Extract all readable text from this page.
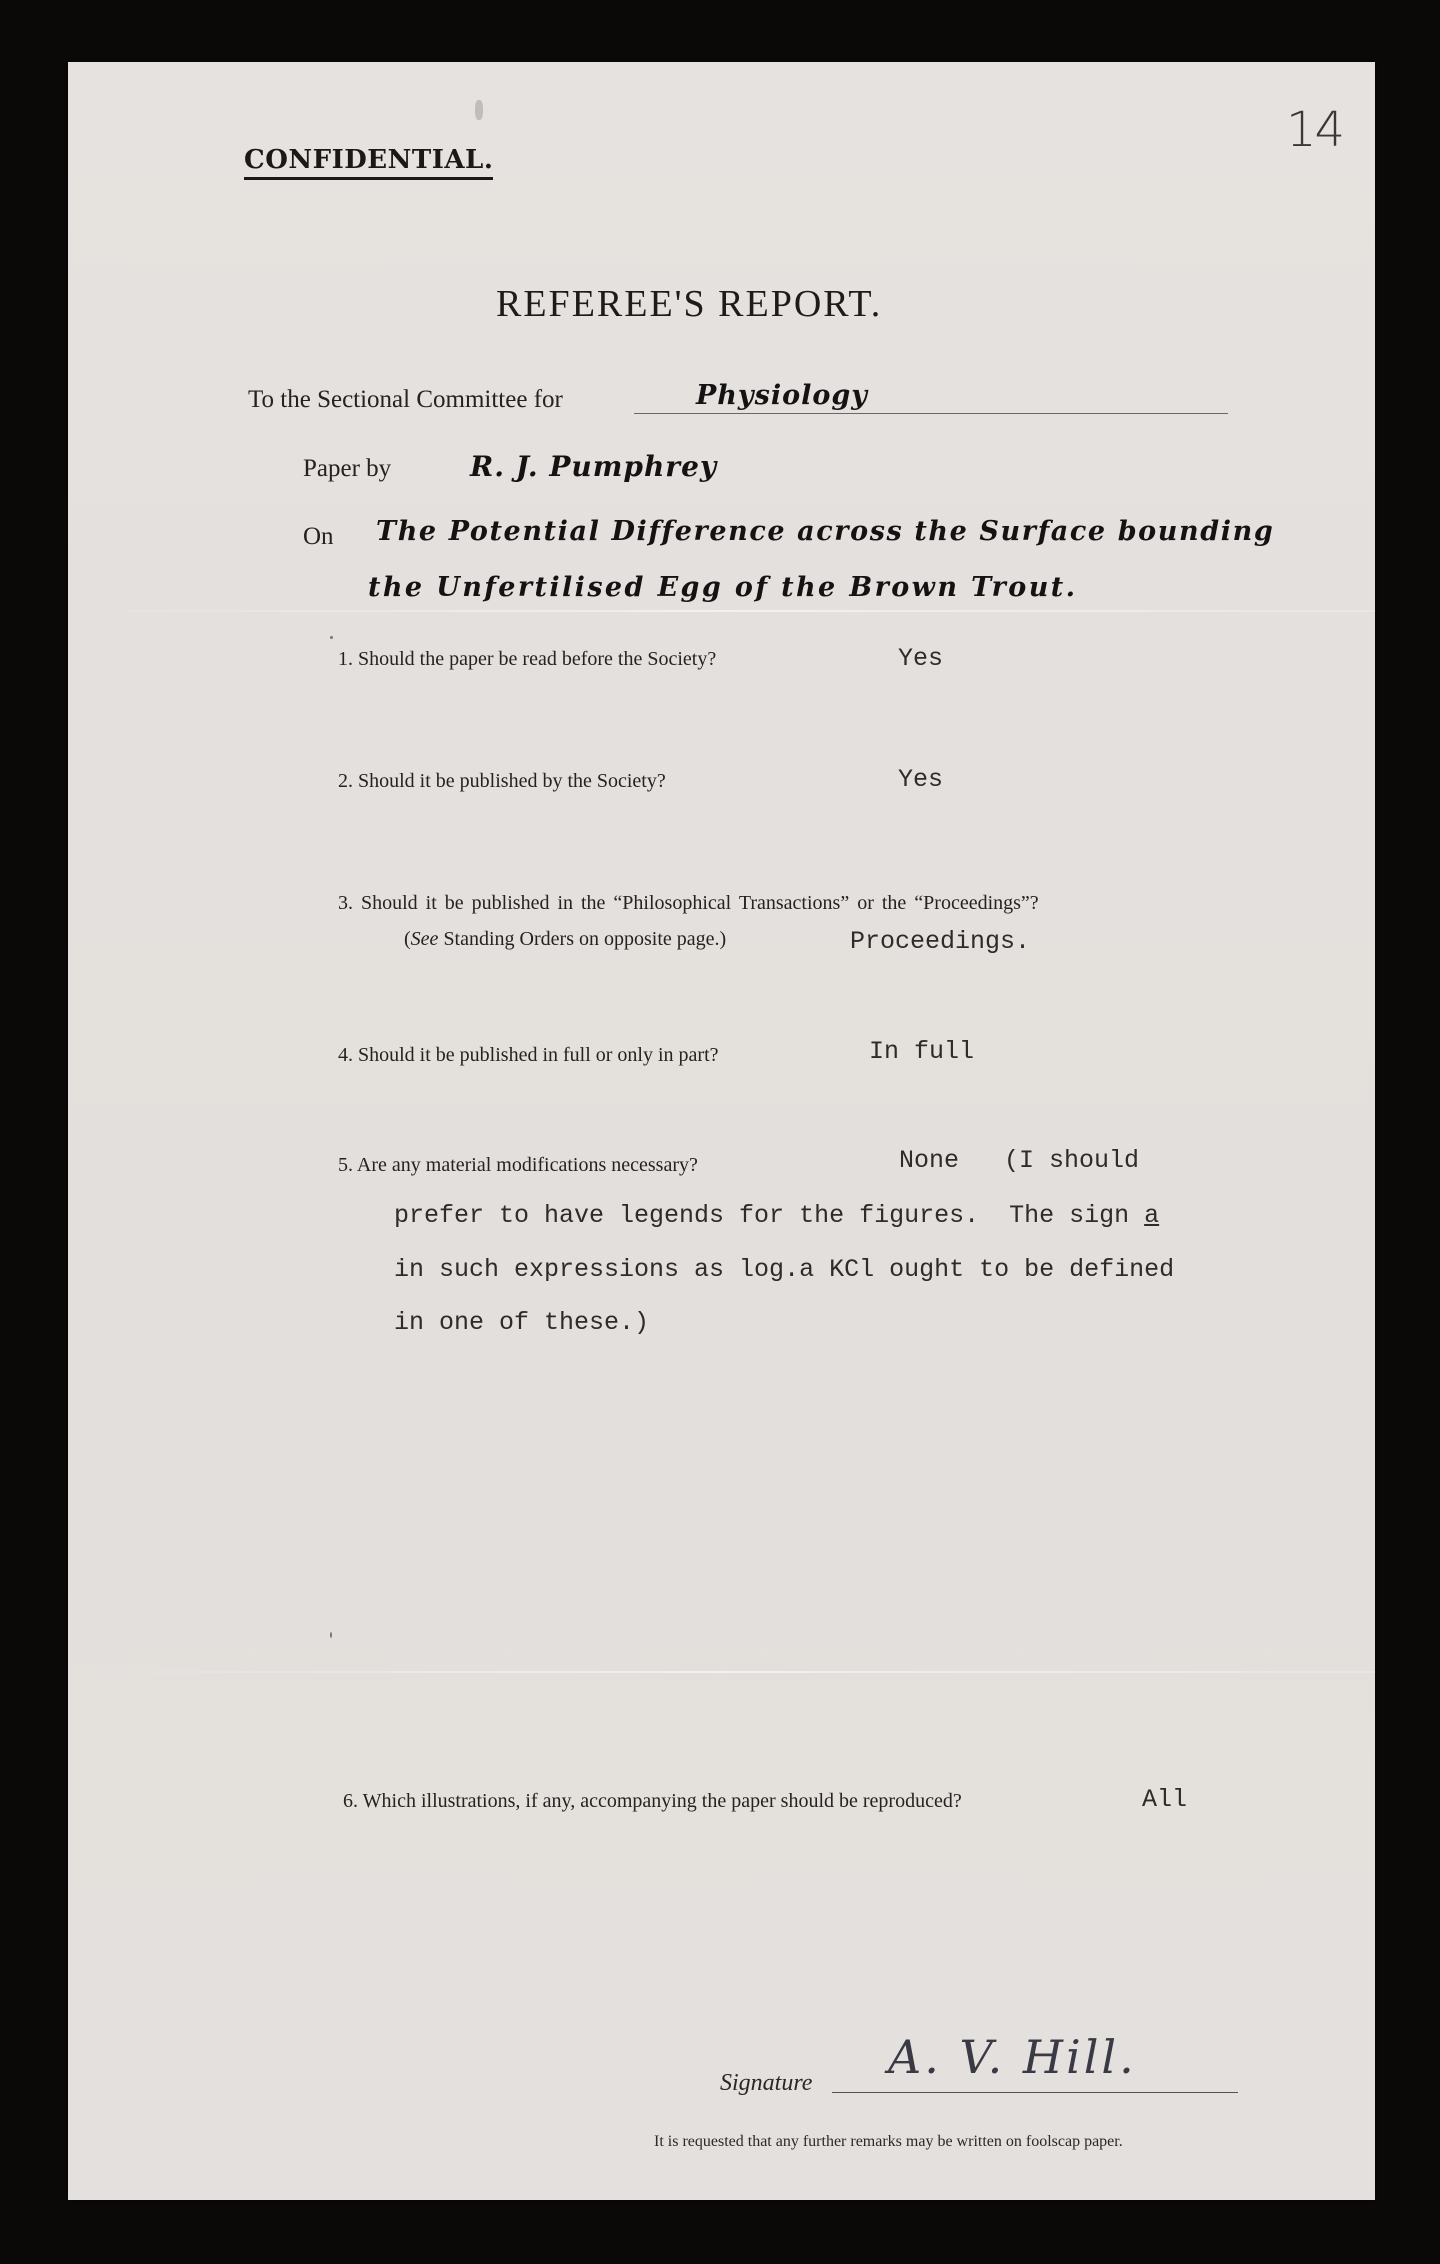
14
CONFIDENTIAL.
REFEREE'S REPORT.
To the Sectional Committee for	Physiology
Paper by	R. J. Pumphrey
On The Potential Difference across the Surface bounding
the Unfertilised Egg of the Brown Trout.
1. Should the paper be read before the Society?	Yes
2. Should it be published by the Society?	Yes
3. Should it be published in the “Philosophical Transactions” or the “Proceedings”?
(See Standing Orders on opposite page.)	Proceedings.
4. Should it be published in full or only in part?	In full
5. Are any material modifications necessary?	None   (I should
prefer to have legends for the figures.  The sign a
in such expressions as log.a KCl ought to be defined
in one of these.)
6. Which illustrations, if any, accompanying the paper should be reproduced?	All
Signature A. V. Hill.
It is requested that any further remarks may be written on foolscap paper.
